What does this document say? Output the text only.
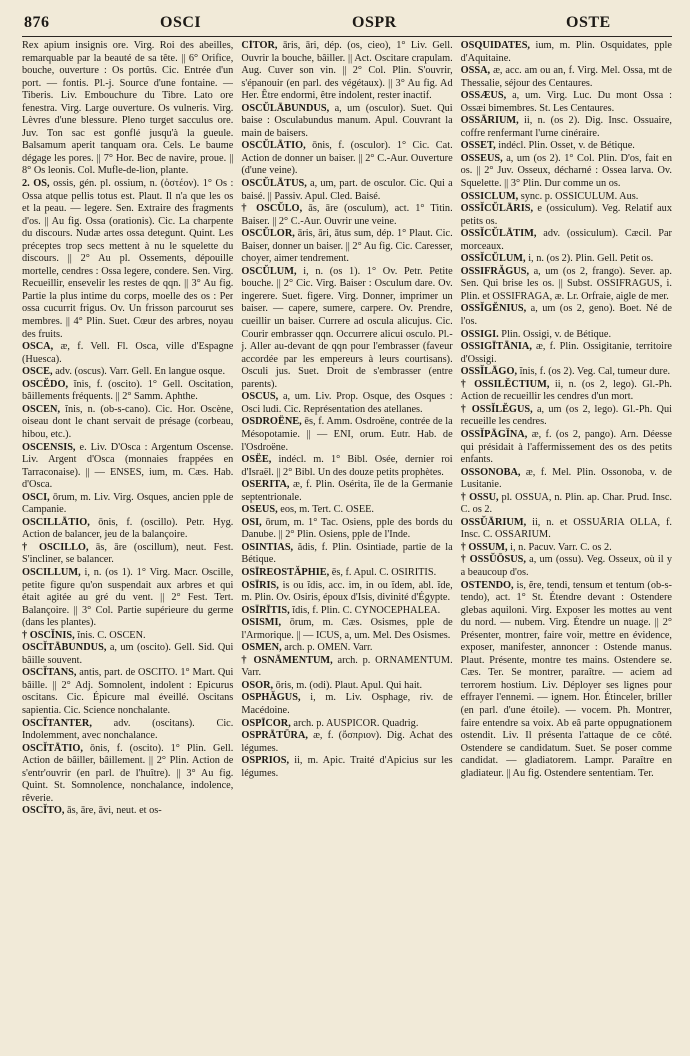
876	OSCI	OSPR	OSTE

Rex apium insignis ore. Virg. Roi des abeilles, remarquable par la beauté de sa tête. || 6° Orifice, bouche, ouverture : Os portûs. Cic. Entrée d'un port. — fontis. Pl.-j. Source d'une fontaine. — Tiberis. Liv. Embouchure du Tibre. Lato ore fenestra. Virg. Large ouverture. Os vulneris. Virg. Lèvres d'une blessure. Pleno turget sacculus ore. Juv. Ton sac est gonflé jusqu'à la gueule. Balsamum aperit tanquam ora. Cels. Le baume dégage les pores. || 7° Hor. Bec de navire, proue. || 8° Os leonis. Col. Mufle-de-lion, plante.

2. OS, ossis, gén. pl. ossium, n. (ὀστέον). 1° Os : Ossa atque pellis totus est. Plaut. Il n'a que les os et la peau. — legere. Sen. Extraire des fragments d'os. || Au fig. Ossa (orationis). Cic. La charpente du discours. Nudæ artes ossa detegunt. Quint. Les préceptes trop secs mettent à nu le squelette du discours. || 2° Au pl. Ossements, dépouille mortelle, cendres : Ossa legere, condere. Sen. Virg. Recueillir, ensevelir les restes de qqn. || 3° Au fig. Partie la plus intime du corps, moelle des os : Per ossa cucurrit frigus. Ov. Un frisson parcourut ses membres. || 4° Plin. Suet. Cœur des arbres, noyau des fruits.

OSCA, æ, f. Vell. Fl. Osca, ville d'Espagne (Huesca).

OSCE, adv. (oscus). Varr. Gell. En langue osque.

OSCĔDO, ĭnis, f. (oscito). 1° Gell. Oscitation, bâillements fréquents. || 2° Samm. Aphthe.

OSCEN, ĭnis, n. (ob-s-cano). Cic. Hor. Oscène, oiseau dont le chant servait de présage (corbeau, hibou, etc.).

OSCENSIS, e. Liv. D'Osca : Argentum Oscense. Liv. Argent d'Osca (monnaies frappées en Tarraconaise). || — ENSES, ium, m. Cæs. Hab. d'Osca.

OSCI, ōrum, m. Liv. Virg. Osques, ancien pple de Campanie.

OSCILLĀTIO, ōnis, f. (oscillo). Petr. Hyg. Action de balancer, jeu de la balançoire.

† OSCILLO, ās, āre (oscillum), neut. Fest. S'incliner, se balancer.

OSCILLUM, i, n. (os 1). 1° Virg. Macr. Oscille, petite figure qu'on suspendait aux arbres et qui était agitée au gré du vent. || 2° Fest. Tert. Balançoire. || 3° Col. Partie supérieure du germe (dans les plantes).

† OSCĬNIS, ĭnis. C. OSCEN.

OSCĬTĀBUNDUS, a, um (oscito). Gell. Sid. Qui bâille souvent.

OSCĬTANS, antis, part. de OSCITO. 1° Mart. Qui bâille. || 2° Adj. Somnolent, indolent : Epicurus oscitans. Cic. Épicure mal éveillé. Oscitans sapientia. Cic. Science nonchalante.

OSCĬTANTER, adv. (oscitans). Cic. Indolemment, avec nonchalance.

OSCĬTĀTIO, ōnis, f. (oscito). 1° Plin. Gell. Action de bâiller, bâillement. || 2° Plin. Action de s'entr'ouvrir (en parl. de l'huître). || 3° Au fig. Quint. St. Somnolence, nonchalance, indolence, rêverie.

OSCĬTO, ās, āre, āvi, neut. et os-

CĬTOR, āris, āri, dép. (os, cieo), 1° Liv. Gell. Ouvrir la bouche, bâiller. || Act. Oscitare crapulam. Aug. Cuver son vin. || 2° Col. Plin. S'ouvrir, s'épanouir (en parl. des végétaux). || 3° Au fig. Ad Her. Être endormi, être indolent, rester inactif.

OSCŬLĀBUNDUS, a, um (osculor). Suet. Qui baise : Osculabundus manum. Apul. Couvrant la main de baisers.

OSCŬLĀTIO, ōnis, f. (osculor). 1° Cic. Cat. Action de donner un baiser. || 2° C.-Aur. Ouverture (d'une veine).

OSCŬLĀTUS, a, um, part. de osculor. Cic. Qui a baisé. || Passiv. Apul. Cled. Baisé.

† OSCŬLO, ās, āre (osculum), act. 1° Titin. Baiser. || 2° C.-Aur. Ouvrir une veine.

OSCŬLOR, āris, āri, ātus sum, dép. 1° Plaut. Cic. Baiser, donner un baiser. || 2° Au fig. Cic. Caresser, choyer, aimer tendrement.

OSCŬLUM, i, n. (os 1). 1° Ov. Petr. Petite bouche. || 2° Cic. Virg. Baiser : Osculum dare. Ov. ingerere. Suet. figere. Virg. Donner, imprimer un baiser. — capere, sumere, carpere. Ov. Prendre, cueillir un baiser. Currere ad oscula alicujus. Cic. Courir embrasser qqn. Occurrere alicui osculo. Pl.-j. Aller au-devant de qqn pour l'embrasser (faveur accordée par les empereurs à leurs courtisans). Osculi jus. Suet. Droit de s'embrasser (entre parents).

OSCUS, a, um. Liv. Prop. Osque, des Osques : Osci ludi. Cic. Représentation des atellanes.

OSDROËNE, ēs, f. Amm. Osdroëne, contrée de la Mésopotamie. || — ENI, orum. Eutr. Hab. de l'Osdroëne.

OSËE, indécl. m. 1° Bibl. Osée, dernier roi d'Israël. || 2° Bibl. Un des douze petits prophètes.

OSERITA, æ, f. Plin. Osérita, île de la Germanie septentrionale.

OSEUS, eos, m. Tert. C. OSEE.

OSI, ōrum, m. 1° Tac. Osiens, pple des bords du Danube. || 2° Plin. Osiens, pple de l'Inde.

OSINTIAS, ădis, f. Plin. Osintiade, partie de la Bétique.

OSĪREOSTĂPHIE, ēs, f. Apul. C. OSIRITIS.

OSĪRIS, is ou ĭdis, acc. im, in ou ĭdem, abl. ĭde, m. Plin. Ov. Osiris, époux d'Isis, divinité d'Égypte.

OSĪRĪTIS, ĭdis, f. Plin. C. CYNOCEPHALEA.

OSISMI, ōrum, m. Cæs. Osismes, pple de l'Armorique. || — ICUS, a, um. Mel. Des Osismes.

OSMEN, arch. p. OMEN. Varr.

† OSNĀMENTUM, arch. p. ORNAMENTUM. Varr.

OSOR, ōris, m. (odi). Plaut. Apul. Qui hait.

OSPHĂGUS, i, m. Liv. Osphage, riv. de Macédoine.

OSPĪCOR, arch. p. AUSPICOR. Quadrig.

OSPRĀTŪRA, æ, f. (ὄσπριον). Dig. Achat des légumes.

OSPRIOS, ii, m. Apic. Traité d'Apicius sur les légumes.

OSQUIDATES, ium, m. Plin. Osquidates, pple d'Aquitaine.

OSSA, æ, acc. am ou an, f. Virg. Mel. Ossa, mt de Thessalie, séjour des Centaures.

OSSÆUS, a, um. Virg. Luc. Du mont Ossa : Ossæi bimembres. St. Les Centaures.

OSSĀRIUM, ii, n. (os 2). Dig. Insc. Ossuaire, coffre renfermant l'urne cinéraire.

OSSET, indécl. Plin. Osset, v. de Bétique.

OSSEUS, a, um (os 2). 1° Col. Plin. D'os, fait en os. || 2° Juv. Osseux, décharné : Ossea larva. Ov. Squelette. || 3° Plin. Dur comme un os.

OSSICLUM, sync. p. OSSICULUM. Aus.

OSSĬCŬLĀRIS, e (ossiculum). Veg. Relatif aux petits os.

OSSĬCŬLĀTIM, adv. (ossiculum). Cæcil. Par morceaux.

OSSĬCŬLUM, i, n. (os 2). Plin. Gell. Petit os.

OSSIFRĂGUS, a, um (os 2, frango). Sever. ap. Sen. Qui brise les os. || Subst. OSSIFRAGUS, i. Plin. et OSSIFRAGA, æ. Lr. Orfraie, aigle de mer.

OSSĬGĔNIUS, a, um (os 2, geno). Boet. Né de l'os.

OSSIGI. Plin. Ossigi, v. de Bétique.

OSSIGĪTĀNIA, æ, f. Plin. Ossigitanie, territoire d'Ossigi.

OSSĬLĀGO, ĭnis, f. (os 2). Veg. Cal, tumeur dure.

† OSSILĔCTIUM, ii, n. (os 2, lego). Gl.-Ph. Action de recueillir les cendres d'un mort.

† OSSĬLĔGUS, a, um (os 2, lego). Gl.-Ph. Qui recueille les cendres.

OSSĬPĀGĬNA, æ, f. (os 2, pango). Arn. Déesse qui présidait à l'affermissement des os des petits enfants.

OSSONOBA, æ, f. Mel. Plin. Ossonoba, v. de Lusitanie.

† OSSU, pl. OSSUA, n. Plin. ap. Char. Prud. Insc. C. os 2.

OSSŬĀRIUM, ii, n. et OSSUĀRIA OLLA, f. Insc. C. OSSARIUM.

† OSSUM, i, n. Pacuv. Varr. C. os 2.

† OSSŬŌSUS, a, um (ossu). Veg. Osseux, où il y a beaucoup d'os.

OSTENDO, is, ĕre, tendi, tensum et tentum (ob-s-tendo), act. 1° St. Étendre devant : Ostendere glebas aquiloni. Virg. Exposer les mottes au vent du nord. — nubem. Virg. Étendre un nuage. || 2° Présenter, montrer, faire voir, mettre en évidence, exposer, manifester, annoncer : Ostende manus. Plaut. Présente, montre tes mains. Ostendere se. Cæs. Ter. Se montrer, paraître. — aciem ad terrorem hostium. Liv. Déployer ses lignes pour effrayer l'ennemi. — ignem. Hor. Étinceler, briller (en parl. d'une étoile). — vocem. Ph. Montrer, faire entendre sa voix. Ab eâ parte oppugnationem ostendit. Liv. Il présenta l'attaque de ce côté. Ostendere se candidatum. Suet. Se poser comme candidat. — gladiatorem. Lampr. Paraître en gladiateur. || Au fig. Ostendere sententiam. Ter.
